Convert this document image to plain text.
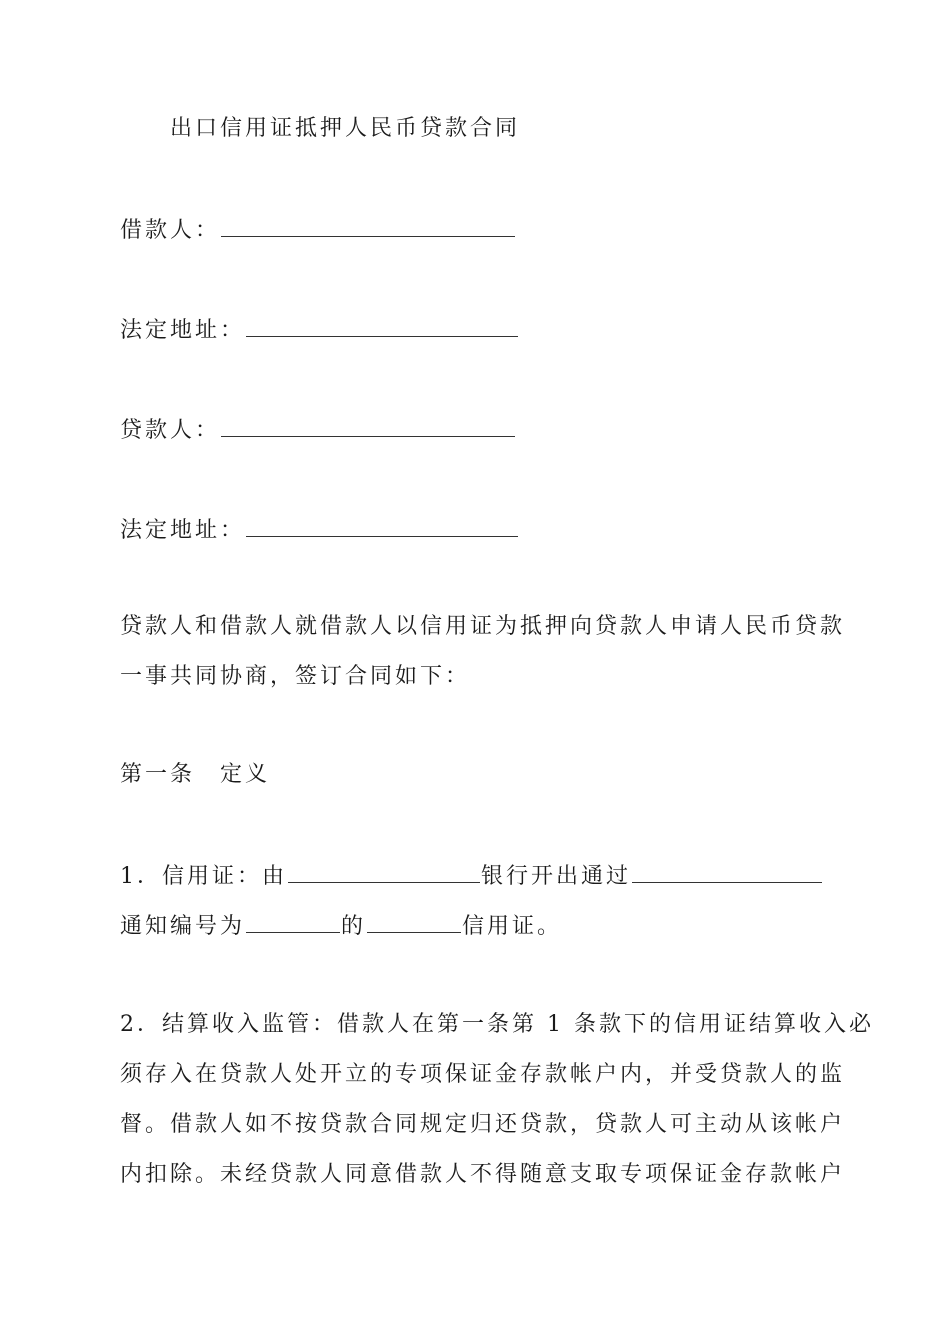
出口信用证抵押人民币贷款合同
借款人：
法定地址：
贷款人：
法定地址：
贷款人和借款人就借款人以信用证为抵押向贷款人申请人民币贷款
一事共同协商，签订合同如下：
第一条　定义
1．信用证：由	银行开出通过
通知编号为	的	信用证。
2．结算收入监管：借款人在第一条第 1 条款下的信用证结算收入必
须存入在贷款人处开立的专项保证金存款帐户内，并受贷款人的监
督。借款人如不按贷款合同规定归还贷款，贷款人可主动从该帐户
内扣除。未经贷款人同意借款人不得随意支取专项保证金存款帐户
